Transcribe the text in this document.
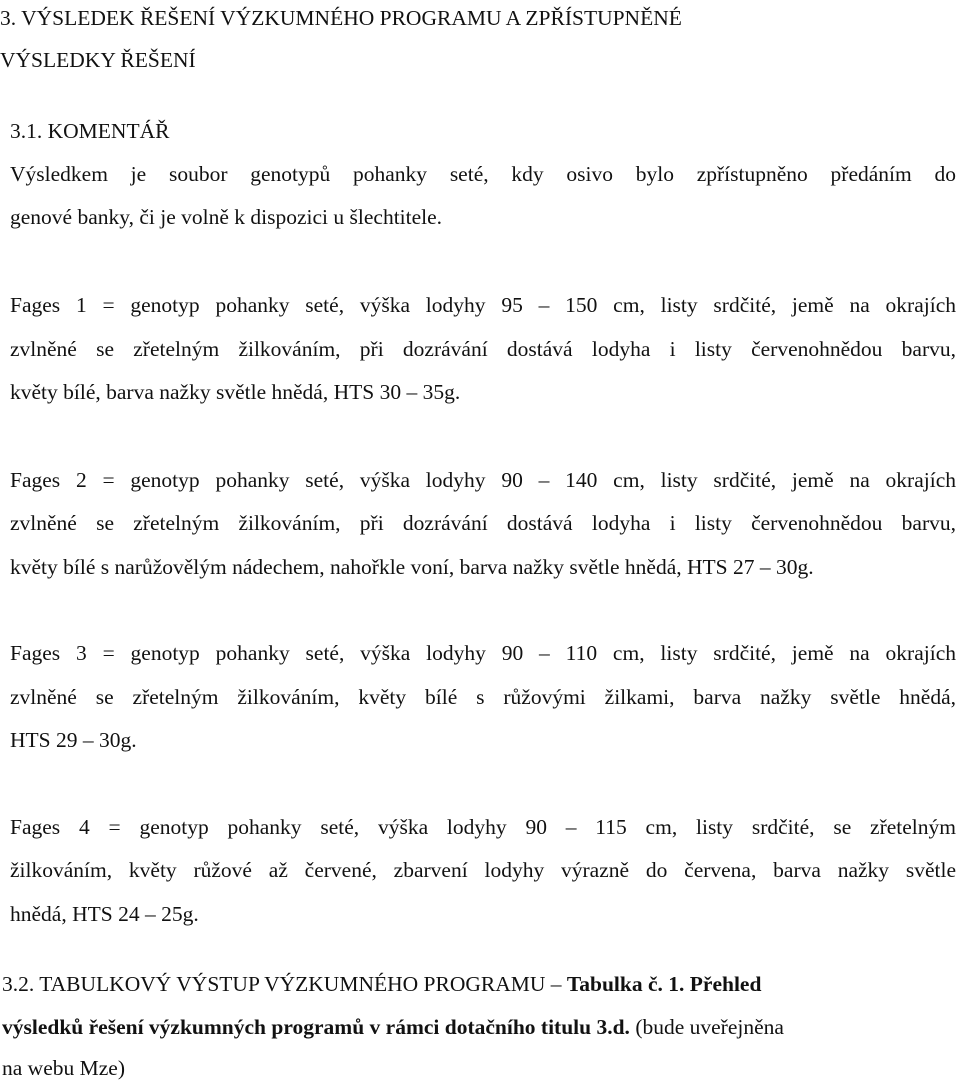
3. VÝSLEDEK ŘEŠENÍ VÝZKUMNÉHO PROGRAMU A ZPŘÍSTUPNĚNÉ
VÝSLEDKY ŘEŠENÍ
3.1. KOMENTÁŘ
Výsledkem je soubor genotypů pohanky seté, kdy osivo bylo zpřístupněno předáním do
genové banky, či je volně k dispozici u šlechtitele.
Fages 1 = genotyp pohanky seté, výška lodyhy 95 – 150 cm, listy srdčité, jemě na okrajích
zvlněné se zřetelným žilkováním, při dozrávání dostává lodyha i listy červenohnědou barvu,
květy bílé, barva nažky světle hnědá, HTS 30 – 35g.
Fages 2 = genotyp pohanky seté, výška lodyhy 90 – 140 cm, listy srdčité, jemě na okrajích
zvlněné se zřetelným žilkováním, při dozrávání dostává lodyha i listy červenohnědou barvu,
květy bílé s narůžovělým nádechem, nahořkle voní, barva nažky světle hnědá, HTS 27 – 30g.
Fages 3 = genotyp pohanky seté, výška lodyhy 90 – 110 cm, listy srdčité, jemě na okrajích
zvlněné se zřetelným žilkováním, květy bílé s růžovými žilkami, barva nažky světle hnědá,
HTS 29 – 30g.
Fages 4 = genotyp pohanky seté, výška lodyhy 90 – 115 cm, listy srdčité, se zřetelným
žilkováním, květy růžové až červené, zbarvení lodyhy výrazně do červena, barva nažky světle
hnědá, HTS 24 – 25g.
3.2. TABULKOVÝ VÝSTUP VÝZKUMNÉHO PROGRAMU – Tabulka č. 1. Přehled
výsledků řešení výzkumných programů v rámci dotačního titulu 3.d. (bude uveřejněna
na webu Mze)
